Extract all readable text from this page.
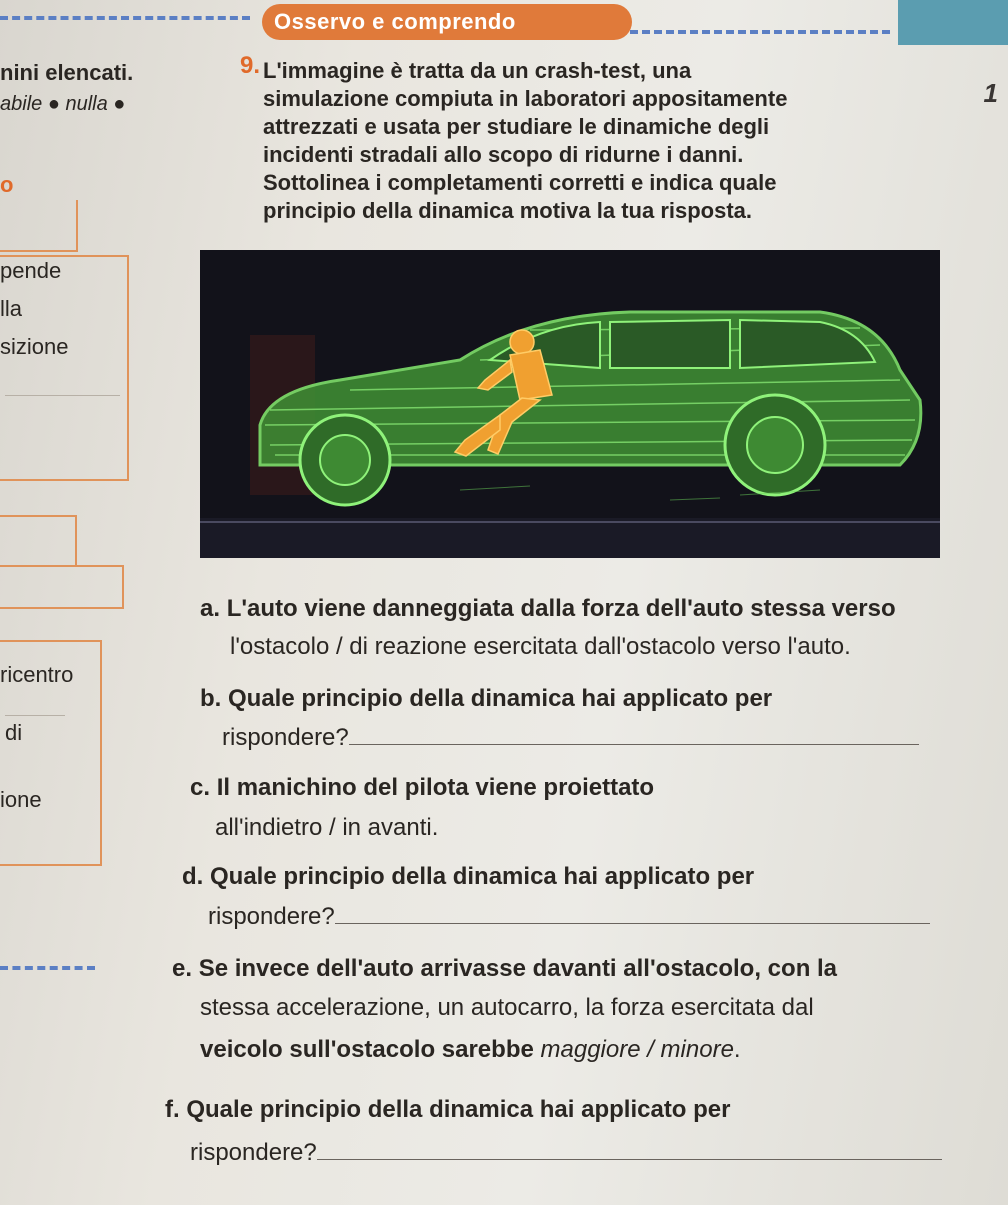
Osservo e comprendo
1
nini elencati.
abile ● nulla ●
o
pende
lla
sizione
ricentro
di
ione
9. L'immagine è tratta da un crash-test, una

simulazione compiuta in laboratori appositamente

attrezzati e usata per studiare le dinamiche degli

incidenti stradali allo scopo di ridurne i danni.

Sottolinea i completamenti corretti e indica quale

principio della dinamica motiva la tua risposta.

a. L'auto viene danneggiata dalla forza dell'auto stessa verso
l'ostacolo / di reazione esercitata dall'ostacolo verso l'auto.
b. Quale principio della dinamica hai applicato per
rispondere?
c. Il manichino del pilota viene proiettato
all'indietro / in avanti.
d. Quale principio della dinamica hai applicato per
rispondere?
e. Se invece dell'auto arrivasse davanti all'ostacolo, con la
stessa accelerazione, un autocarro, la forza esercitata dal
veicolo sull'ostacolo sarebbe maggiore / minore.
f. Quale principio della dinamica hai applicato per
rispondere?
